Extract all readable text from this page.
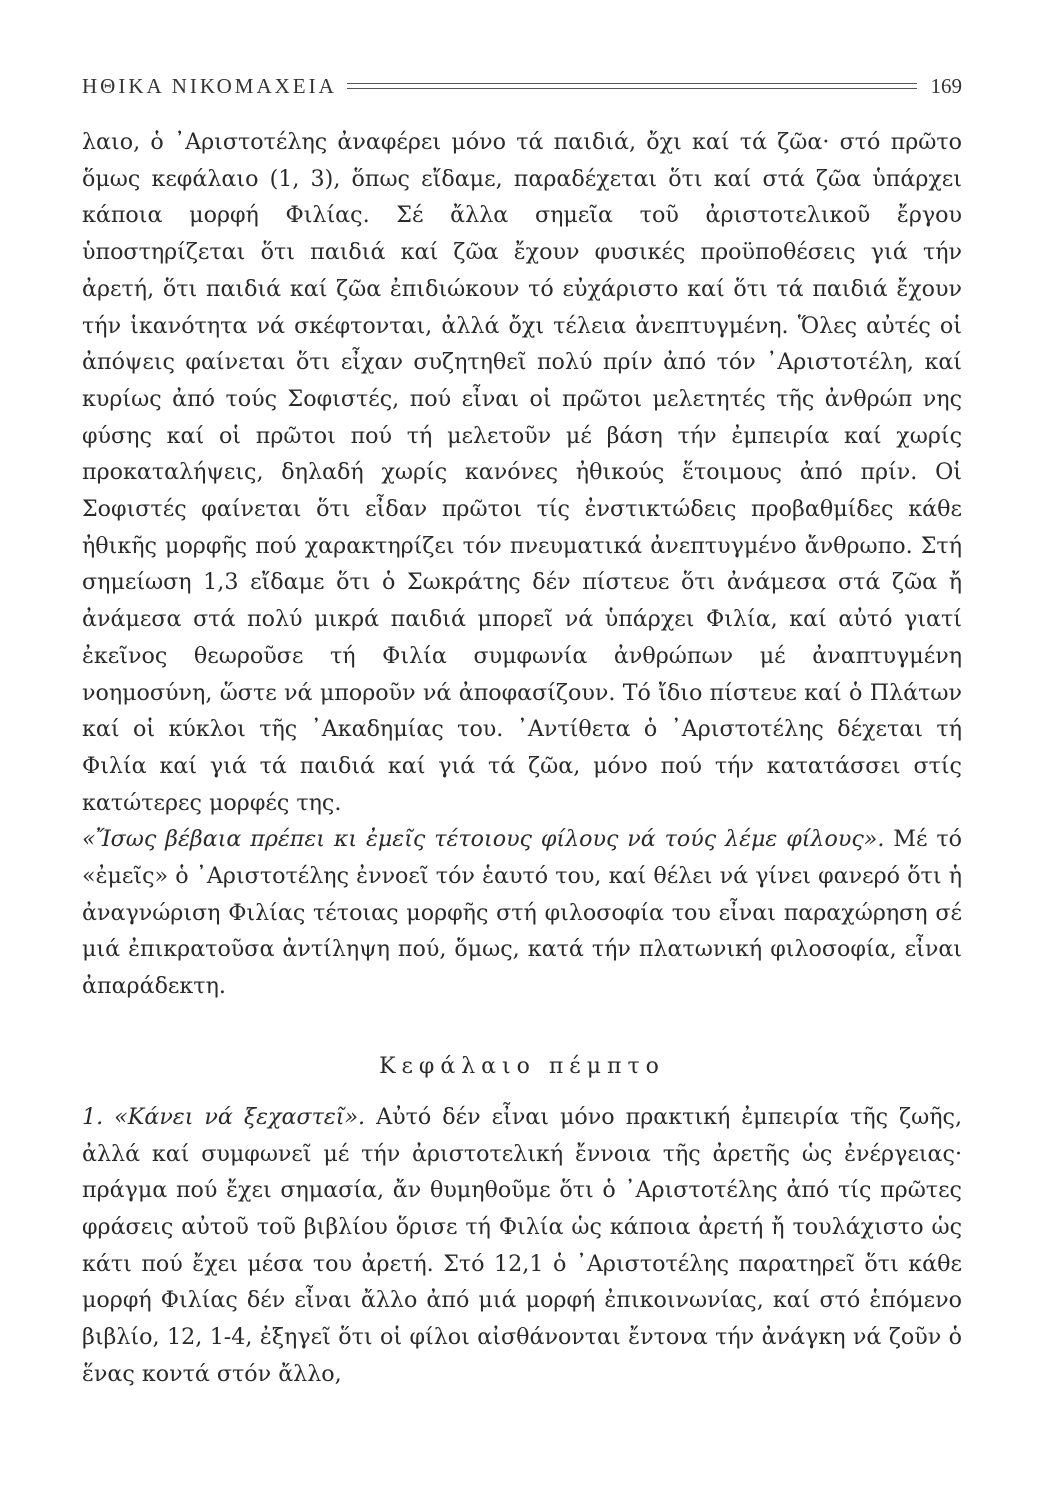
ΗΘΙΚΑ ΝΙΚΟΜΑΧΕΙΑ	169

λαιο, ὁ ᾿Αριστοτέλης ἀναφέρει μόνο τά παιδιά, ὄχι καί τά ζῶα· στό πρῶτο ὅμως κεφάλαιο (1, 3), ὅπως εἴδαμε, παραδέχεται ὅτι καί στά ζῶα ὑπάρχει κάποια μορφή Φιλίας. Σέ ἄλλα σημεῖα τοῦ ἀριστοτελικοῦ ἔργου ὑποστηρίζεται ὅτι παιδιά καί ζῶα ἔχουν φυσικές προϋποθέσεις γιά τήν ἀρετή, ὅτι παιδιά καί ζῶα ἐπιδιώκουν τό εὐχάριστο καί ὅτι τά παιδιά ἔχουν τήν ἱκανότητα νά σκέφτονται, ἀλλά ὄχι τέλεια ἀνεπτυγμένη. Ὅλες αὐτές οἱ ἀπόψεις φαίνεται ὅτι εἶχαν συζητηθεῖ πολύ πρίν ἀπό τόν ᾿Αριστοτέλη, καί κυρίως ἀπό τούς Σοφιστές, πού εἶναι οἱ πρῶτοι μελετητές τῆς ἀνθρώπ νης φύσης καί οἱ πρῶτοι πού τή μελετοῦν μέ βάση τήν ἐμπειρία καί χωρίς προκαταλήψεις, δηλαδή χωρίς κανόνες ἠθικούς ἕτοιμους ἀπό πρίν. Οἱ Σοφιστές φαίνεται ὅτι εἶδαν πρῶτοι τίς ἐνστικτώδεις προβαθμίδες κάθε ἠθικῆς μορφῆς πού χαρακτηρίζει τόν πνευματικά ἀνεπτυγμένο ἄνθρωπο. Στή σημείωση 1,3 εἴδαμε ὅτι ὁ Σωκράτης δέν πίστευε ὅτι ἀνάμεσα στά ζῶα ἤ ἀνάμεσα στά πολύ μικρά παιδιά μπορεῖ νά ὑπάρχει Φιλία, καί αὐτό γιατί ἐκεῖνος θεωροῦσε τή Φιλία συμφωνία ἀνθρώπων μέ ἀναπτυγμένη νοημοσύνη, ὥστε νά μποροῦν νά ἀποφασίζουν. Τό ἴδιο πίστευε καί ὁ Πλάτων καί οἱ κύκλοι τῆς ᾿Ακαδημίας του. ᾿Αντίθετα ὁ ᾿Αριστοτέλης δέχεται τή Φιλία καί γιά τά παιδιά καί γιά τά ζῶα, μόνο πού τήν κατατάσσει στίς κατώτερες μορφές της.

«Ἴσως βέβαια πρέπει κι ἐμεῖς τέτοιους φίλους νά τούς λέμε φίλους». Μέ τό «ἐμεῖς» ὁ ᾿Αριστοτέλης ἐννοεῖ τόν ἑαυτό του, καί θέλει νά γίνει φανερό ὅτι ἡ ἀναγνώριση Φιλίας τέτοιας μορφῆς στή φιλοσοφία του εἶναι παραχώρηση σέ μιά ἐπικρατοῦσα ἀντίληψη πού, ὅμως, κατά τήν πλατωνική φιλοσοφία, εἶναι ἀπαράδεκτη.

Κεφάλαιο πέμπτο

1. «Κάνει νά ξεχαστεῖ». Αὐτό δέν εἶναι μόνο πρακτική ἐμπειρία τῆς ζωῆς, ἀλλά καί συμφωνεῖ μέ τήν ἀριστοτελική ἔννοια τῆς ἀρετῆς ὡς ἐνέργειας· πράγμα πού ἔχει σημασία, ἄν θυμηθοῦμε ὅτι ὁ ᾿Αριστοτέλης ἀπό τίς πρῶτες φράσεις αὐτοῦ τοῦ βιβλίου ὅρισε τή Φιλία ὡς κάποια ἀρετή ἤ τουλάχιστο ὡς κάτι πού ἔχει μέσα του ἀρετή. Στό 12,1 ὁ ᾿Αριστοτέλης παρατηρεῖ ὅτι κάθε μορφή Φιλίας δέν εἶναι ἄλλο ἀπό μιά μορφή ἐπικοινωνίας, καί στό ἑπόμενο βιβλίο, 12, 1-4, ἐξηγεῖ ὅτι οἱ φίλοι αἰσθάνονται ἔντονα τήν ἀνάγκη νά ζοῦν ὁ ἕνας κοντά στόν ἄλλο,
